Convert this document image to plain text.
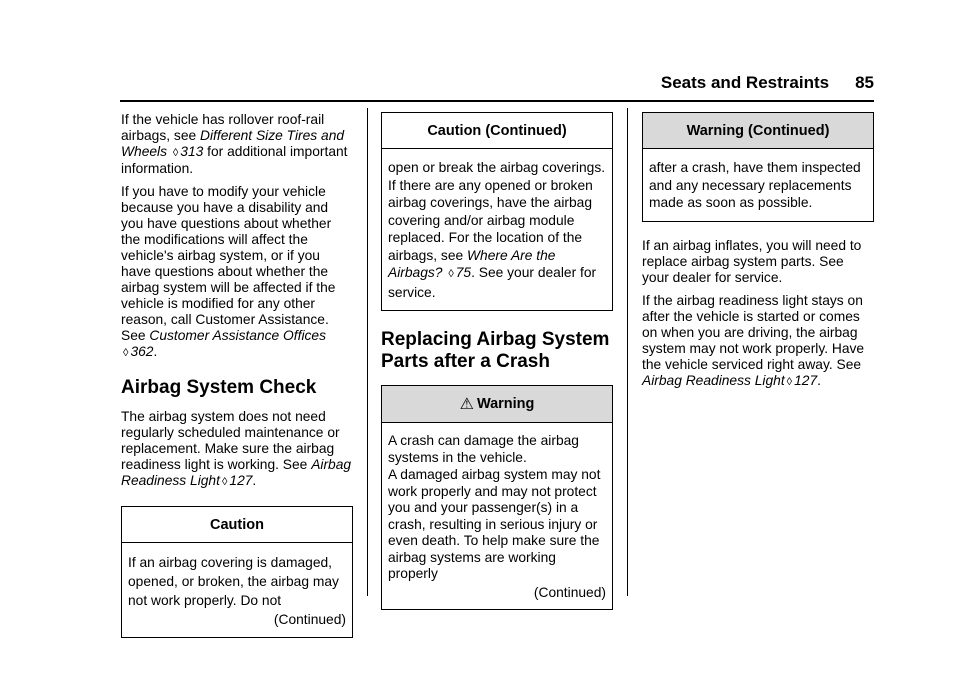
Seats and Restraints 85

If the vehicle has rollover roof-rail airbags, see Different Size Tires and Wheels ◊ 313 for additional important information.

If you have to modify your vehicle because you have a disability and you have questions about whether the modifications will affect the vehicle's airbag system, or if you have questions about whether the airbag system will be affected if the vehicle is modified for any other reason, call Customer Assistance. See Customer Assistance Offices
◊ 362.

Airbag System Check

The airbag system does not need regularly scheduled maintenance or replacement. Make sure the airbag readiness light is working. See Airbag Readiness Light ◊ 127.

Caution

If an airbag covering is damaged, opened, or broken, the airbag may not work properly. Do not

(Continued)
Caution (Continued)

open or break the airbag coverings. If there are any opened or broken airbag coverings, have the airbag covering and/or airbag module replaced. For the location of the airbags, see Where Are the Airbags? ◊ 75. See your dealer for service.

Replacing Airbag System Parts after a Crash
⚠ Warning

A crash can damage the airbag systems in the vehicle.

A damaged airbag system may not work properly and may not protect you and your passenger(s) in a crash, resulting in serious injury or even death. To help make sure the airbag systems are working properly

(Continued)
Warning (Continued)

after a crash, have them inspected and any necessary replacements made as soon as possible.

If an airbag inflates, you will need to replace airbag system parts. See your dealer for service.

If the airbag readiness light stays on after the vehicle is started or comes on when you are driving, the airbag system may not work properly. Have the vehicle serviced right away. See Airbag Readiness Light ◊ 127.
